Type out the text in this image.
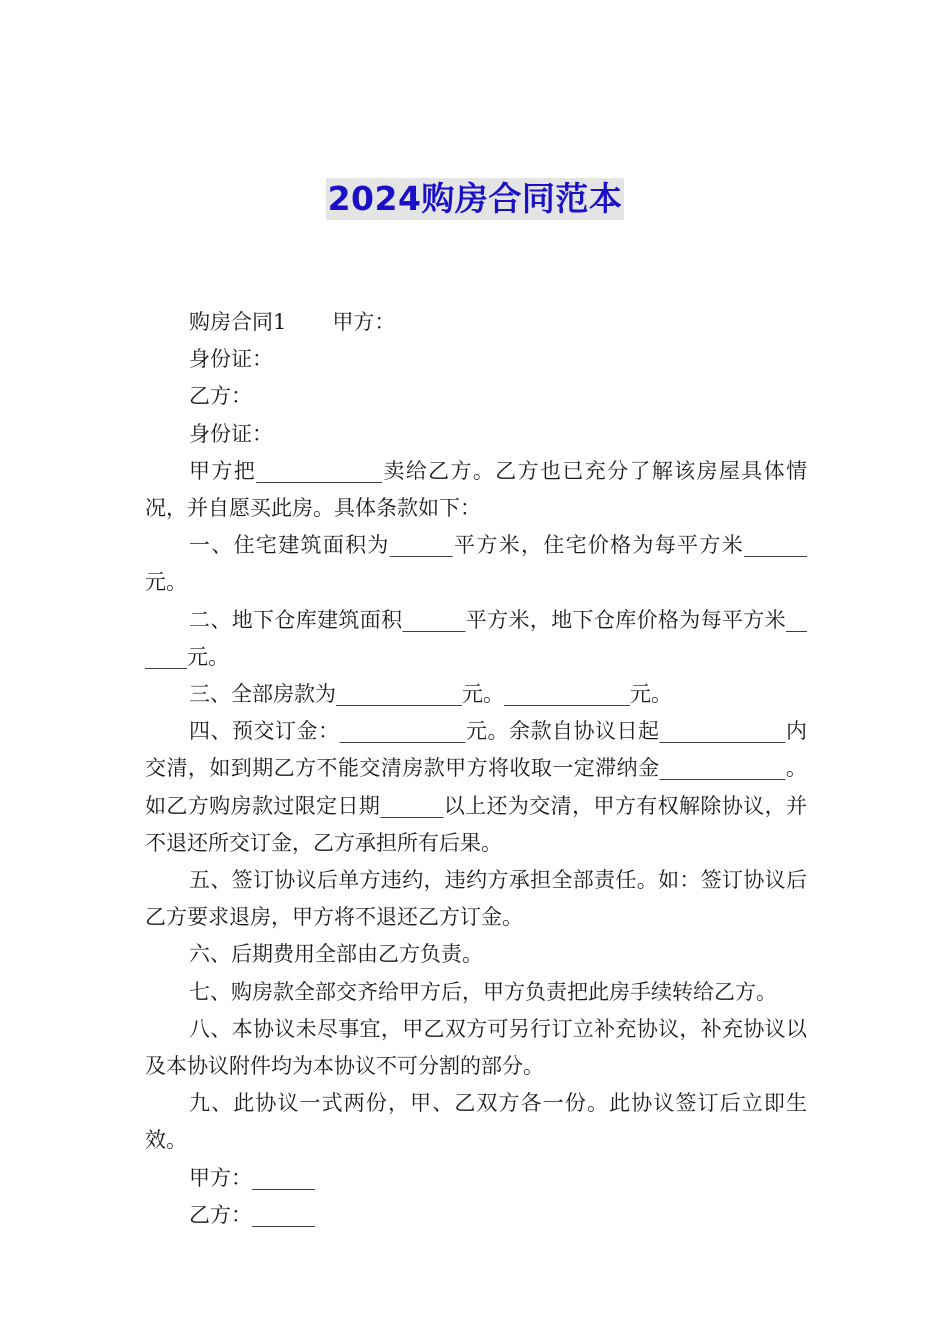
2024购房合同范本

购房合同1 甲方：

身份证：

乙方：

身份证：

甲方把____________卖给乙方。乙方也已充分了解该房屋具体情况，并自愿买此房。具体条款如下：

一、住宅建筑面积为______平方米，住宅价格为每平方米______元。

二、地下仓库建筑面积______平方米，地下仓库价格为每平方米______元。

三、全部房款为____________元。____________元。

四、预交订金：____________元。余款自协议日起____________内交清，如到期乙方不能交清房款甲方将收取一定滞纳金____________。如乙方购房款过限定日期______以上还为交清，甲方有权解除协议，并不退还所交订金，乙方承担所有后果。

五、签订协议后单方违约，违约方承担全部责任。如：签订协议后乙方要求退房，甲方将不退还乙方订金。

六、后期费用全部由乙方负责。

七、购房款全部交齐给甲方后，甲方负责把此房手续转给乙方。

八、本协议未尽事宜，甲乙双方可另行订立补充协议，补充协议以及本协议附件均为本协议不可分割的部分。

九、此协议一式两份，甲、乙双方各一份。此协议签订后立即生效。

甲方：______

乙方：______
